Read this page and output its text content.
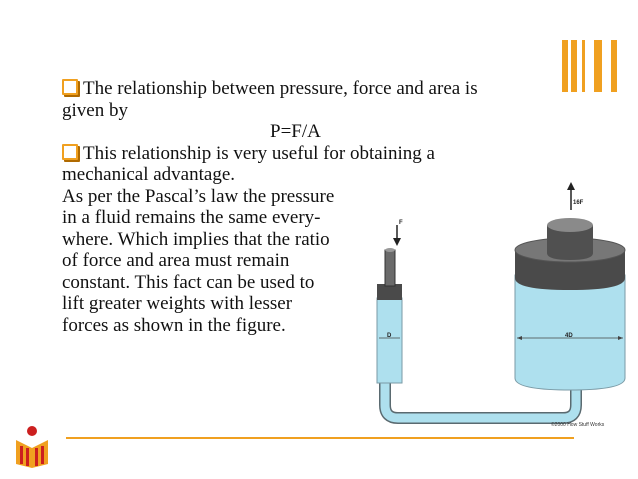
The relationship between pressure, force and area is
given by
P=F/A
This relationship is very useful for obtaining a
mechanical advantage.
As per the Pascal’s law the pressure
in a fluid remains the same every-
where. Which implies that the ratio
of force and area must remain
constant. This fact can be used to
lift greater weights with lesser
forces as shown in the figure.
F
D
16F
4D
©2000 How Stuff Works
